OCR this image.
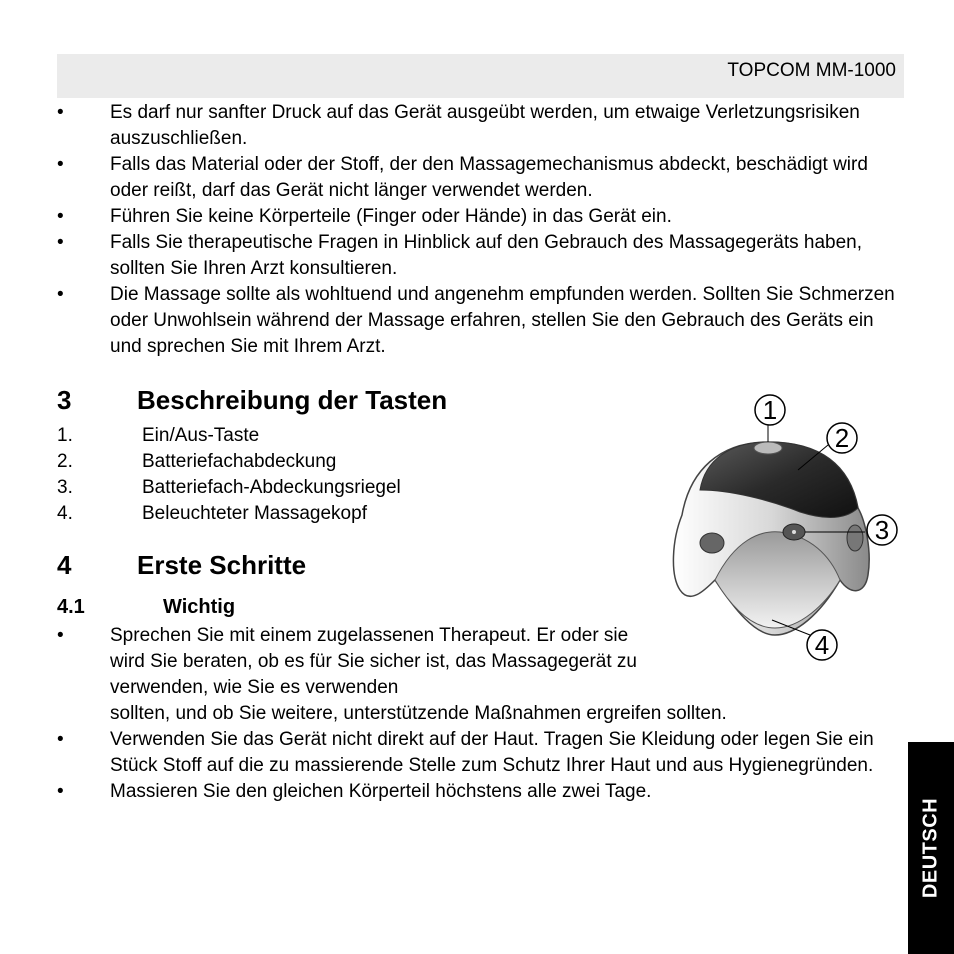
TOPCOM MM-1000
• Es darf nur sanfter Druck auf das Gerät ausgeübt werden, um etwaige Verletzungsrisiken auszuschließen.
• Falls das Material oder der Stoff, der den Massagemechanismus abdeckt, beschädigt wird oder reißt, darf das Gerät nicht länger verwendet werden.
• Führen Sie keine Körperteile (Finger oder Hände) in das Gerät ein.
• Falls Sie therapeutische Fragen in Hinblick auf den Gebrauch des Massagegeräts haben, sollten Sie Ihren Arzt konsultieren.
• Die Massage sollte als wohltuend und angenehm empfunden werden. Sollten Sie Schmerzen oder Unwohlsein während der Massage erfahren, stellen Sie den Gebrauch des Geräts ein und sprechen Sie mit Ihrem Arzt.
3	Beschreibung der Tasten
1.	Ein/Aus-Taste
2.	Batteriefachabdeckung
3.	Batteriefach-Abdeckungsriegel
4.	Beleuchteter Massagekopf
4	Erste Schritte
4.1	Wichtig
• Sprechen Sie mit einem zugelassenen Therapeut. Er oder sie wird Sie beraten, ob es für Sie sicher ist, das Massagegerät zu verwenden, wie Sie es verwenden
sollten, und ob Sie weitere, unterstützende Maßnahmen ergreifen sollten.
• Verwenden Sie das Gerät nicht direkt auf der Haut. Tragen Sie Kleidung oder legen Sie ein Stück Stoff auf die zu massierende Stelle zum Schutz Ihrer Haut und aus Hygienegründen.
• Massieren Sie den gleichen Körperteil höchstens alle zwei Tage.
1
2
3
4
DEUTSCH
